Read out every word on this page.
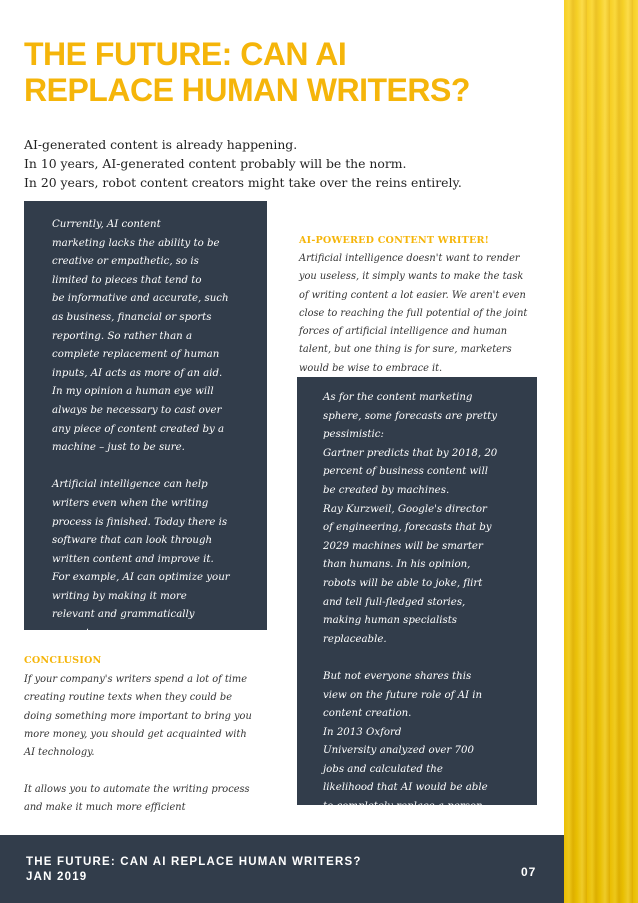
THE FUTURE: CAN AI
REPLACE HUMAN WRITERS?
AI-generated content is already happening.
In 10 years, AI-generated content probably will be the norm.
In 20 years, robot content creators might take over the reins entirely.
Currently, AI content
marketing lacks the ability to be
creative or empathetic, so is
limited to pieces that tend to
be informative and accurate, such
as business, financial or sports
reporting. So rather than a
complete replacement of human
inputs, AI acts as more of an aid.
In my opinion a human eye will
always be necessary to cast over
any piece of content created by a
machine – just to be sure.
Artificial intelligence can help
writers even when the writing
process is finished. Today there is
software that can look through
written content and improve it.
For example, AI can optimize your
writing by making it more
relevant and grammatically
correct.
AI-POWERED CONTENT WRITER!
Artificial intelligence doesn't want to render
you useless, it simply wants to make the task
of writing content a lot easier. We aren't even
close to reaching the full potential of the joint
forces of artificial intelligence and human
talent, but one thing is for sure, marketers
would be wise to embrace it.
As for the content marketing
sphere, some forecasts are pretty
pessimistic:
Gartner predicts that by 2018, 20
percent of business content will
be created by machines.
Ray Kurzweil, Google's director
of engineering, forecasts that by
2029 machines will be smarter
than humans. In his opinion,
robots will be able to joke, flirt
and tell full-fledged stories,
making human specialists
replaceable.
But not everyone shares this
view on the future role of AI in
content creation.
In 2013 Oxford
University analyzed over 700
jobs and calculated the
likelihood that AI would be able
to completely replace a person.
CONCLUSION
If your company's writers spend a lot of time
creating routine texts when they could be
doing something more important to bring you
more money, you should get acquainted with
AI technology.
It allows you to automate the writing process
and make it much more efficient
THE FUTURE: CAN AI REPLACE HUMAN WRITERS?
JAN 2019	07
